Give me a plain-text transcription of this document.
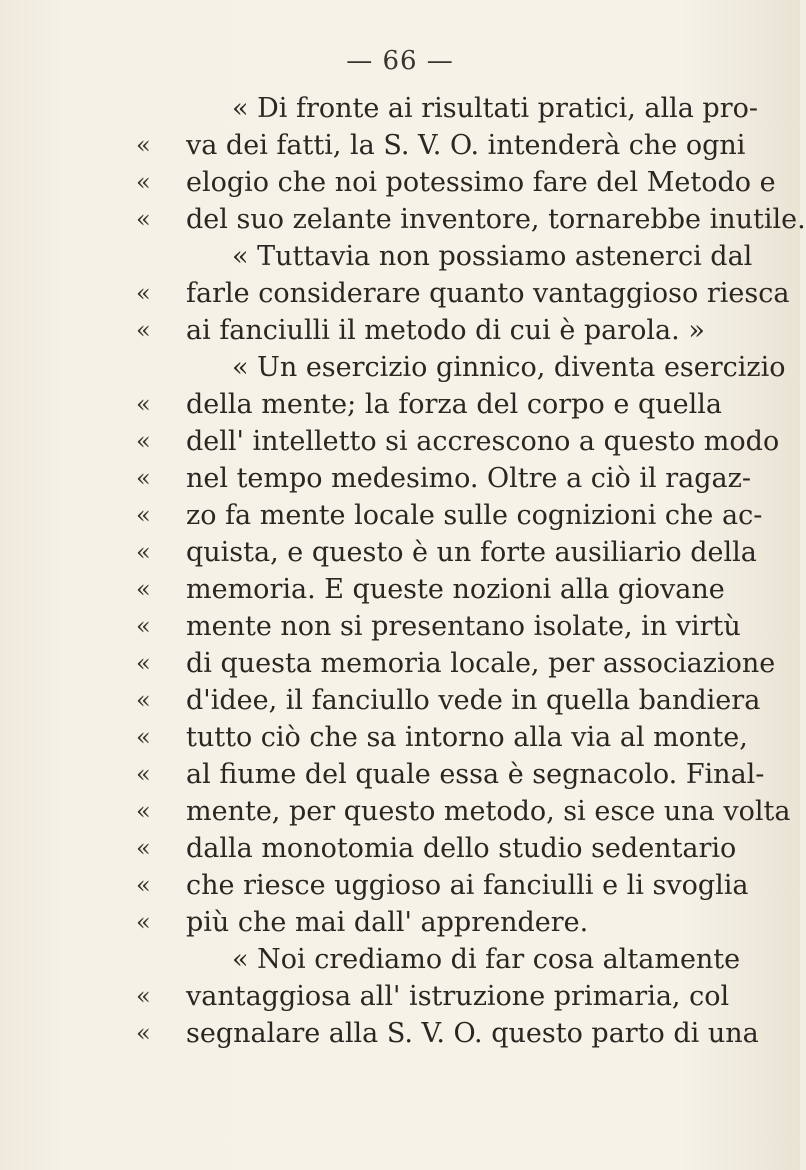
— 66 —
« Di fronte ai risultati pratici, alla pro-
«	va dei fatti, la S. V. O. intenderà che ogni
«	elogio che noi potessimo fare del Metodo e
«	del suo zelante inventore, tornarebbe inutile.
« Tuttavia non possiamo astenerci dal
«	farle considerare quanto vantaggioso riesca
«	ai fanciulli il metodo di cui è parola. »
« Un esercizio ginnico, diventa esercizio
«	della mente; la forza del corpo e quella
«	dell' intelletto si accrescono a questo modo
«	nel tempo medesimo. Oltre a ciò il ragaz-
«	zo fa mente locale sulle cognizioni che ac-
«	quista, e questo è un forte ausiliario della
«	memoria. E queste nozioni alla giovane
«	mente non si presentano isolate, in virtù
«	di questa memoria locale, per associazione
«	d'idee, il fanciullo vede in quella bandiera
«	tutto ciò che sa intorno alla via al monte,
«	al fiume del quale essa è segnacolo. Final-
«	mente, per questo metodo, si esce una volta
«	dalla monotomia dello studio sedentario
«	che riesce uggioso ai fanciulli e li svoglia
«	più che mai dall' apprendere.
« Noi crediamo di far cosa altamente
«	vantaggiosa all' istruzione primaria, col
«	segnalare alla S. V. O. questo parto di una
